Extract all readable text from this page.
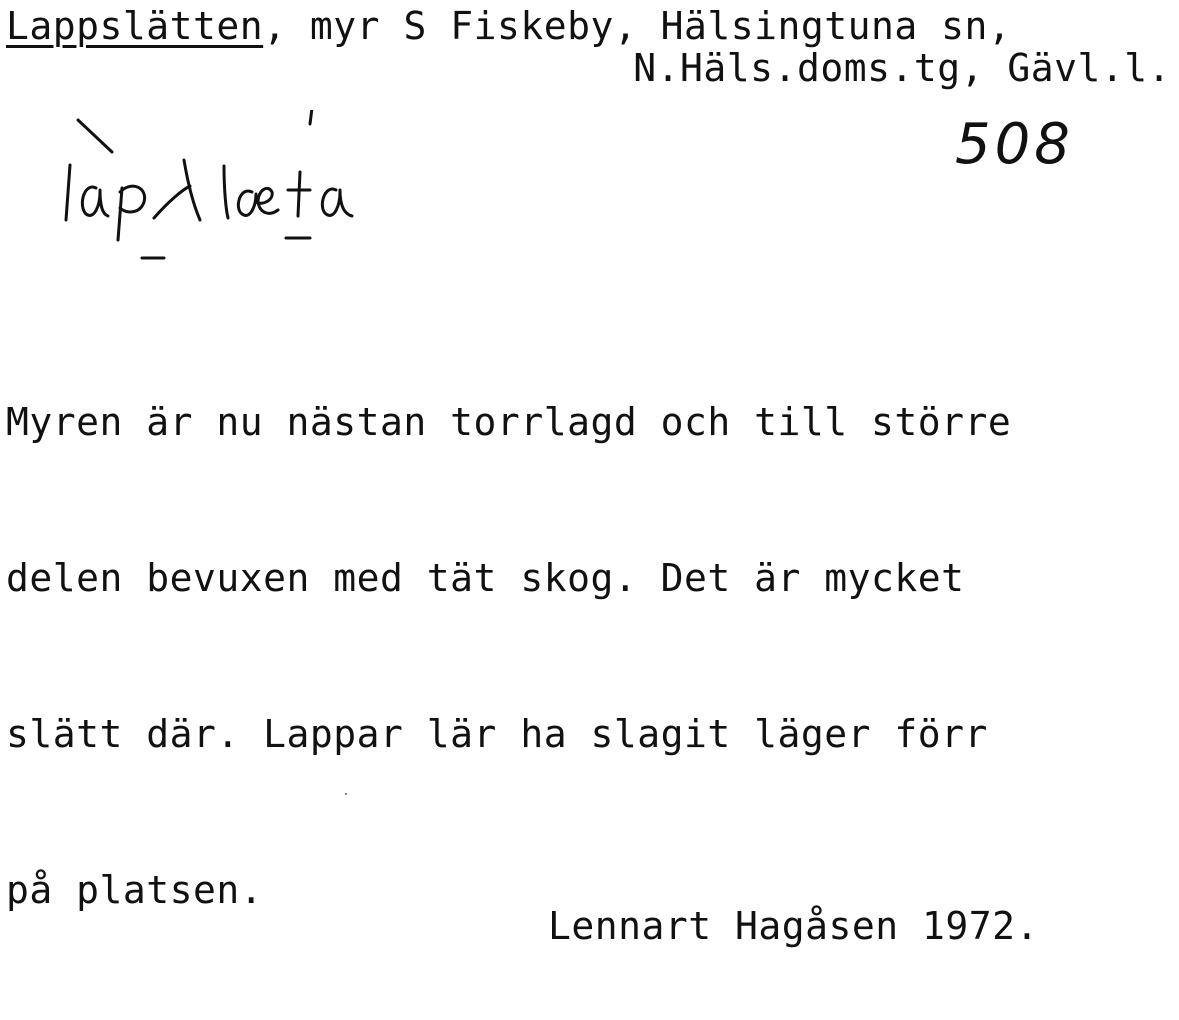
Lappslätten, myr S Fiskeby, Hälsingtuna sn,
N.Häls.doms.tg, Gävl.l.
508

Myren är nu nästan torrlagd och till större

delen bevuxen med tät skog. Det är mycket

slätt där. Lappar lär ha slagit läger förr

på platsen.

Lennart Hagåsen 1972.
